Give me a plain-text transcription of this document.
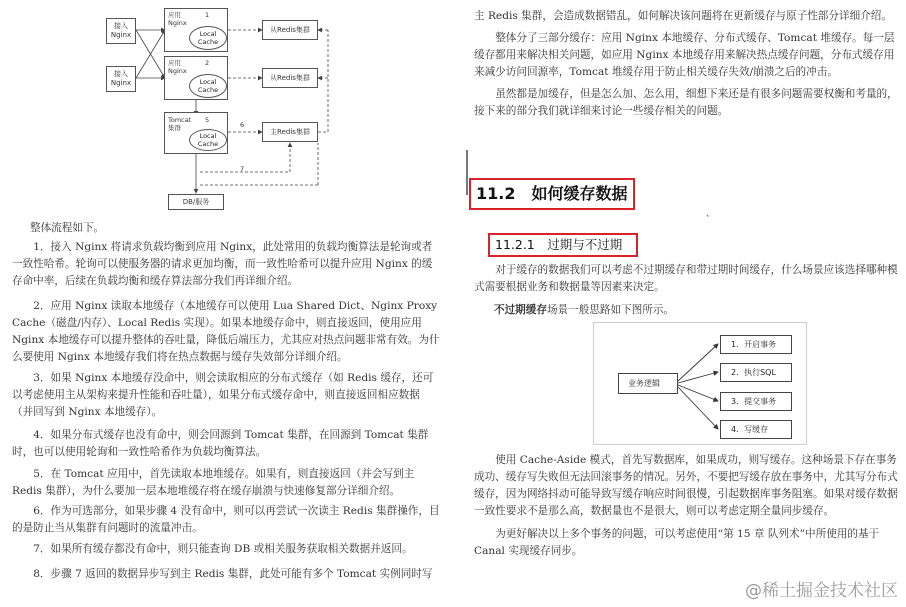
接入
Nginx
接入
Nginx
应用
Nginx
1
Local
Cache
应用
Nginx
2
Local
Cache
Tomcat
集群
5
Local
Cache
从Redis集群
从Redis集群
主Redis集群
DB/服务
6
7

整体流程如下。

1．接入 Nginx 将请求负载均衡到应用 Nginx，此处常用的负载均衡算法是轮询或者一致性哈希。轮询可以使服务器的请求更加均衡，而一致性哈希可以提升应用 Nginx 的缓存命中率，后续在负载均衡和缓存算法部分我们再详细介绍。

2．应用 Nginx 读取本地缓存（本地缓存可以使用 Lua Shared Dict、Nginx Proxy Cache（磁盘/内存）、Local Redis 实现）。如果本地缓存命中，则直接返回，使用应用 Nginx 本地缓存可以提升整体的吞吐量，降低后端压力，尤其应对热点问题非常有效。为什么要使用 Nginx 本地缓存我们将在热点数据与缓存失效部分详细介绍。

3．如果 Nginx 本地缓存没命中，则会读取相应的分布式缓存（如 Redis 缓存，还可以考虑使用主从架构来提升性能和吞吐量），如果分布式缓存命中，则直接返回相应数据（并回写到 Nginx 本地缓存）。

4．如果分布式缓存也没有命中，则会回源到 Tomcat 集群，在回源到 Tomcat 集群时，也可以使用轮询和一致性哈希作为负载均衡算法。

5．在 Tomcat 应用中，首先读取本地堆缓存。如果有，则直接返回（并会写到主 Redis 集群），为什么要加一层本地堆缓存将在缓存崩溃与快速修复部分详细介绍。

6．作为可选部分，如果步骤 4 没有命中，则可以再尝试一次读主 Redis 集群操作，目的是防止当从集群有问题时的流量冲击。

7．如果所有缓存都没有命中，则只能查询 DB 或相关服务获取相关数据并返回。

8．步骤 7 返回的数据异步写到主 Redis 集群，此处可能有多个 Tomcat 实例同时写

主 Redis 集群，会造成数据错乱，如何解决该问题将在更新缓存与原子性部分详细介绍。

整体分了三部分缓存：应用 Nginx 本地缓存、分布式缓存、Tomcat 堆缓存。每一层缓存都用来解决相关问题，如应用 Nginx 本地缓存用来解决热点缓存问题，分布式缓存用来减少访问回源率，Tomcat 堆缓存用于防止相关缓存失效/崩溃之后的冲击。

虽然都是加缓存，但是怎么加、怎么用，细想下来还是有很多问题需要权衡和考量的，接下来的部分我们就详细来讨论一些缓存相关的问题。

11.2　如何缓存数据
、
11.2.1　过期与不过期

对于缓存的数据我们可以考虑不过期缓存和带过期时间缓存，什么场景应该选择哪种模式需要根据业务和数据量等因素来决定。

不过期缓存场景一般思路如下图所示。

业务逻辑
1．开启事务
2．执行SQL
3．提交事务
4．写缓存

使用 Cache-Aside 模式，首先写数据库，如果成功，则写缓存。这种场景下存在事务成功、缓存写失败但无法回滚事务的情况。另外，不要把写缓存放在事务中，尤其写分布式缓存，因为网络抖动可能导致写缓存响应时间很慢，引起数据库事务阻塞。如果对缓存数据一致性要求不是那么高，数据量也不是很大，则可以考虑定期全量同步缓存。

为更好解决以上多个事务的问题，可以考虑使用“第 15 章 队列术”中所使用的基于 Canal 实现缓存同步。

@稀土掘金技术社区
